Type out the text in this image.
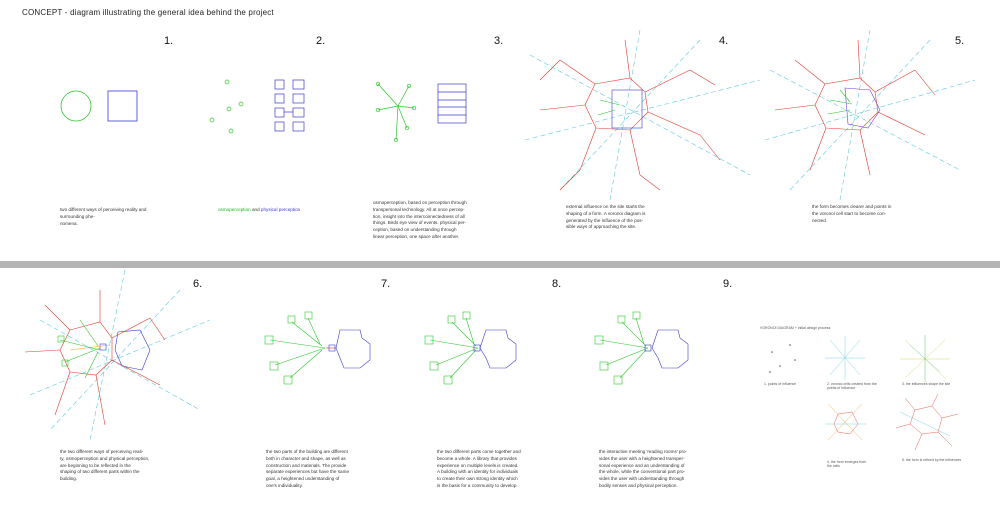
CONCEPT - diagram illustrating the general idea behind the project
1.	2.	3.	4.	5.
6.	7.	8.	9.
two different ways of perceiving reality and surrounding phe-
nomena.
osmoperception and physical perception
osmoperception, based on perception through
transpersonal technology. All at once percep-
tion, insight into the interconnectedness of all
things. Birds eye view of events. physical per-
ception, based on understanding through
linear perception, one space after another.
external influence on the site starts the
shaping of a form. A voronoi diagram is
generated by the influence of the pos-
sible ways of approaching the site.
the form becomes clearer and points in
the voronoi cell start to become con-
nected.
the two different ways of perceiving reali-
ty, osmoperception and physical perception,
are beginning to be reflected in the
shaping of two different parts within the
building.
the two parts of the building are different
both in character and shape, as well as
construction and materials. The provide
separate experiences but have the same
goal, a heightened understanding of
one's individuality.
the two different parts come together and
become a whole. A library that provides
experience on multiple levels is created.
A building with an identity for individuals
to create their own strong identity which
is the basis for a community to develop.
the interactive meeting 'reading rooms' pro-
vides the user with a heightened transper-
sonal experience and an understanding of
the whole, while the conventional part pro-
vides the user with understanding through
bodily senses and physical perception.
VORONOI DIAGRAM + initial design process
1. points of influence	2. voronoi cells created from the points of influence
3. the influences shape the site
4. the form emerges from the cells
5. the form is refined by the influences
